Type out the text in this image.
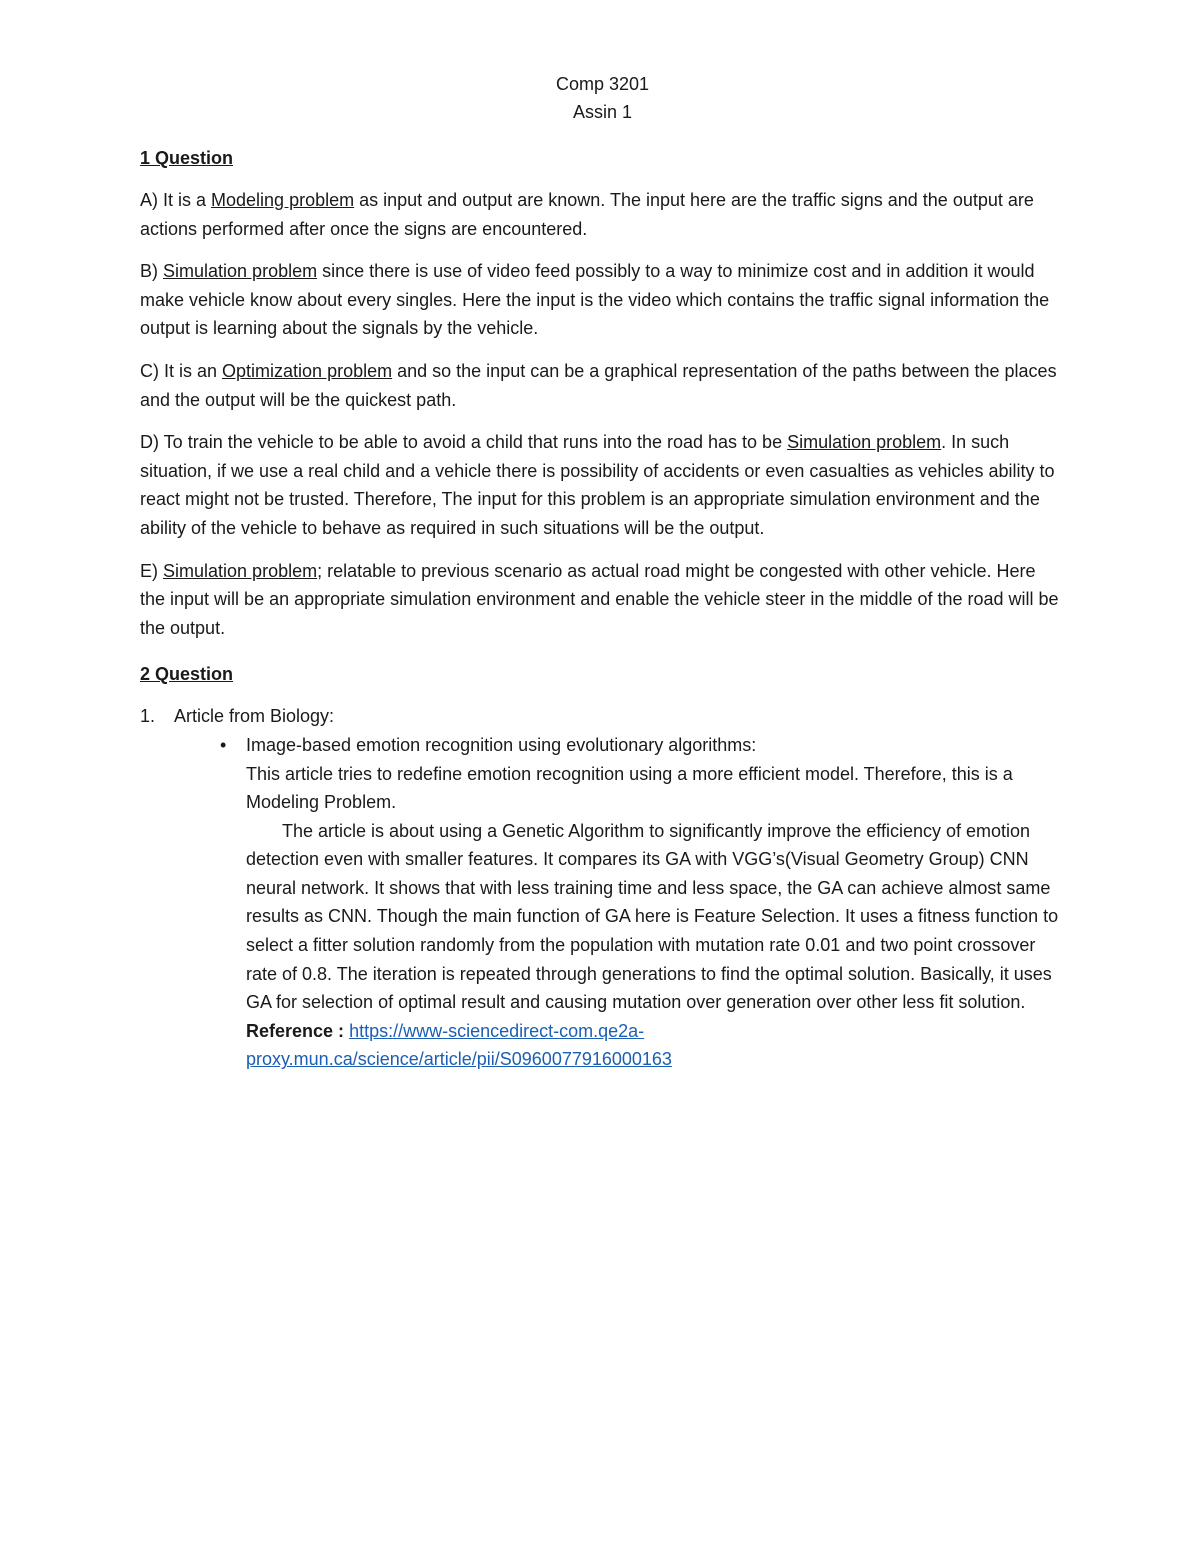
Comp 3201

Assin 1

1 Question

A) It is a Modeling problem as input and output are known. The input here are the traffic signs and the output are actions performed after once the signs are encountered.

B) Simulation problem since there is use of video feed possibly to a way to minimize cost and in addition it would make vehicle know about every singles. Here the input is the video which contains the traffic signal information the output is learning about the signals by the vehicle.

C) It is an Optimization problem and so the input can be a graphical representation of the paths between the places and the output will be the quickest path.

D) To train the vehicle to be able to avoid a child that runs into the road has to be Simulation problem. In such situation, if we use a real child and a vehicle there is possibility of accidents or even casualties as vehicles ability to react might not be trusted. Therefore, The input for this problem is an appropriate simulation environment and the ability of the vehicle to behave as required in such situations will be the output.

E) Simulation problem; relatable to previous scenario as actual road might be congested with other vehicle. Here the input will be an appropriate simulation environment and enable the vehicle steer in the middle of the road will be the output.

2 Question

1. Article from Biology:

• Image-based emotion recognition using evolutionary algorithms:
This article tries to redefine emotion recognition using a more efficient model. Therefore, this is a Modeling Problem.
The article is about using a Genetic Algorithm to significantly improve the efficiency of emotion detection even with smaller features. It compares its GA with VGG’s(Visual Geometry Group) CNN neural network. It shows that with less training time and less space, the GA can achieve almost same results as CNN. Though the main function of GA here is Feature Selection. It uses a fitness function to select a fitter solution randomly from the population with mutation rate 0.01 and two point crossover rate of 0.8. The iteration is repeated through generations to find the optimal solution. Basically, it uses GA for selection of optimal result and causing mutation over generation over other less fit solution.
Reference : https://www-sciencedirect-com.qe2a-
proxy.mun.ca/science/article/pii/S0960077916000163
